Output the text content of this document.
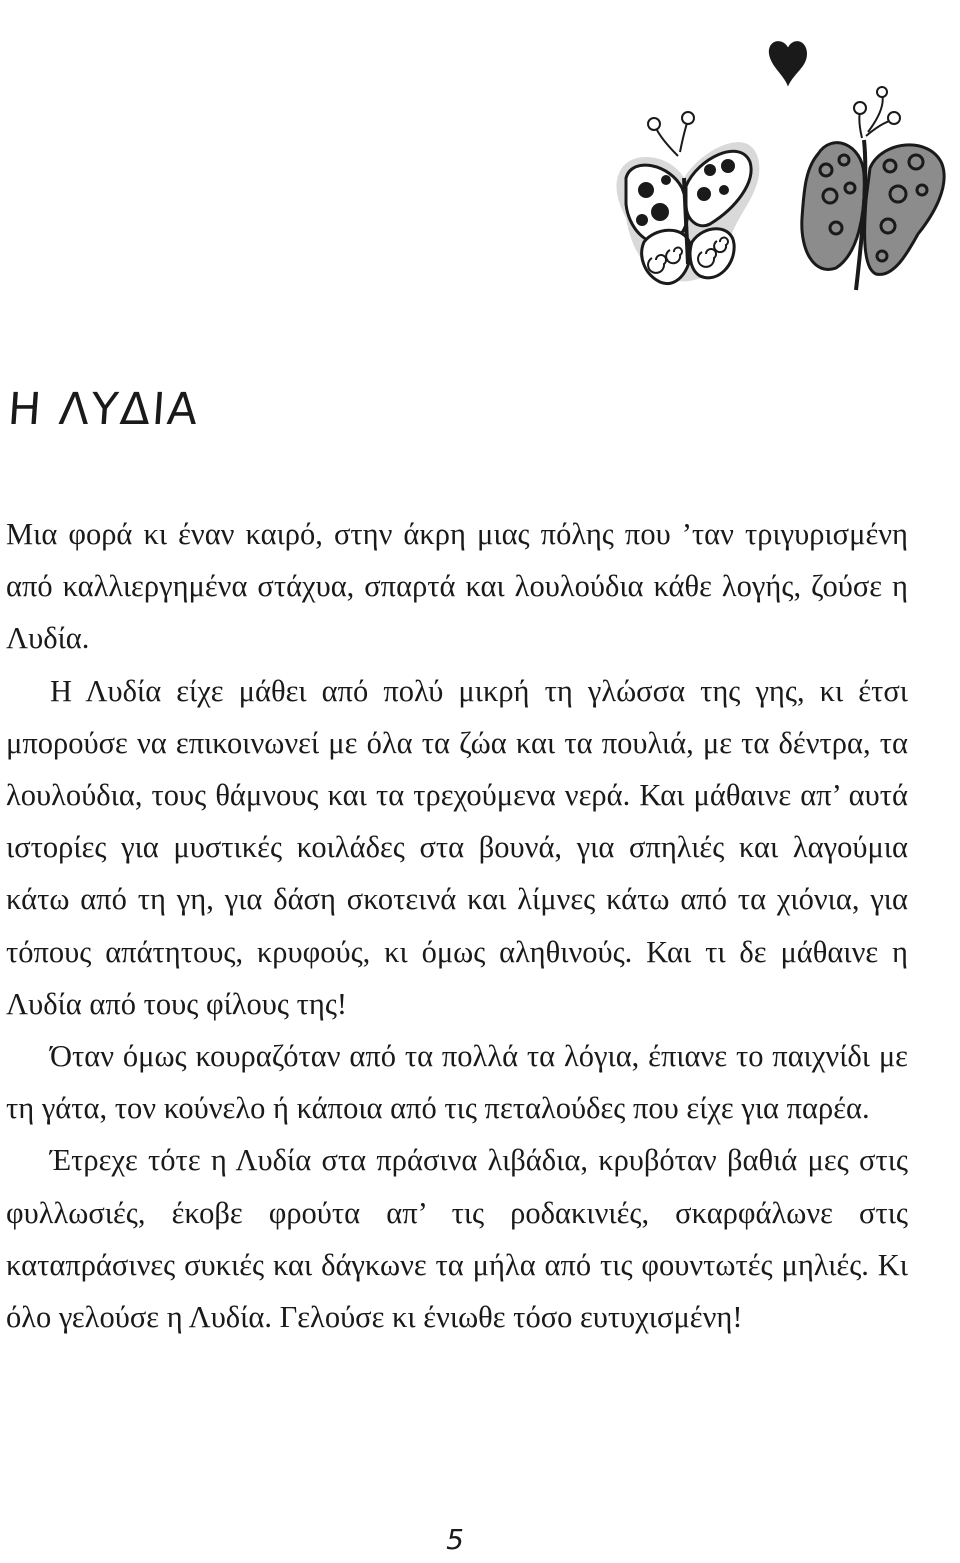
Η ΛΥΔΙΑ

Μια φορά κι έναν καιρό, στην άκρη μιας πόλης που ’ταν τριγυρισμένη από καλλιεργημένα στάχυα, σπαρτά και λουλούδια κάθε λογής, ζούσε η Λυδία.

Η Λυδία είχε μάθει από πολύ μικρή τη γλώσσα της γης, κι έτσι μπορούσε να επικοινωνεί με όλα τα ζώα και τα πουλιά, με τα δέντρα, τα λουλούδια, τους θάμνους και τα τρεχούμενα νερά. Και μάθαινε απ’ αυτά ιστορίες για μυστικές κοιλάδες στα βουνά, για σπηλιές και λαγούμια κάτω από τη γη, για δάση σκοτεινά και λίμνες κάτω από τα χιόνια, για τόπους απάτητους, κρυφούς, κι όμως αληθινούς. Και τι δε μάθαινε η Λυδία από τους φίλους της!

Όταν όμως κουραζόταν από τα πολλά τα λόγια, έπιανε το παιχνίδι με τη γάτα, τον κούνελο ή κάποια από τις πεταλούδες που είχε για παρέα.

Έτρεχε τότε η Λυδία στα πράσινα λιβάδια, κρυβόταν βαθιά μες στις φυλλωσιές, έκοβε φρούτα απ’ τις ροδακινιές, σκαρφάλωνε στις καταπράσινες συκιές και δάγκωνε τα μήλα από τις φουντωτές μηλιές. Κι όλο γελούσε η Λυδία. Γελούσε κι ένιωθε τόσο ευτυχισμένη!

5
